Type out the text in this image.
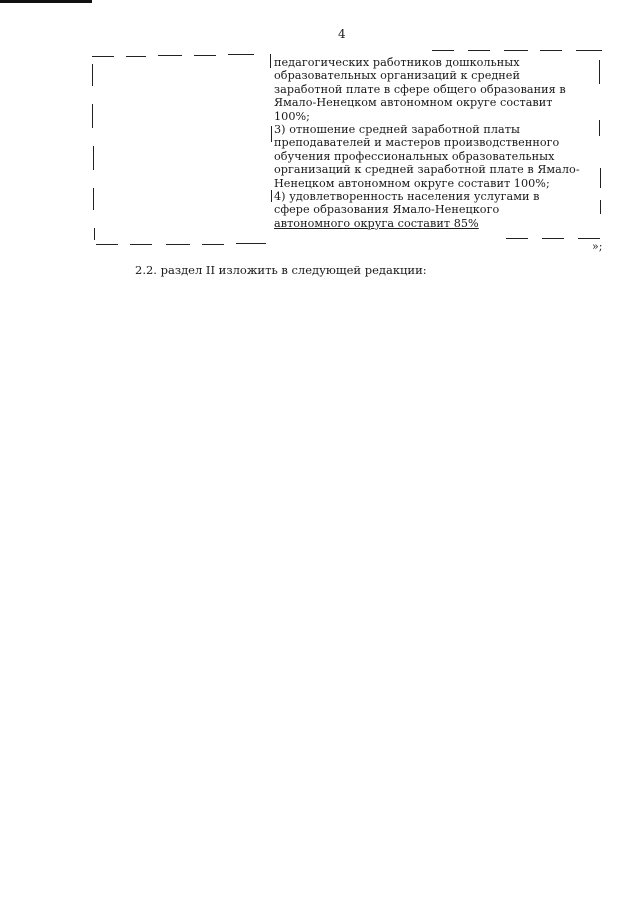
4
педагогических работников дошкольных
образовательных организаций к средней
заработной плате в сфере общего образования в
Ямало-Ненецком автономном округе составит
100%;
3) отношение средней заработной платы
преподавателей и мастеров производственного
обучения профессиональных образовательных
организаций к средней заработной плате в Ямало-
Ненецком автономном округе составит 100%;
4) удовлетворенность населения услугами в
сфере образования Ямало-Ненецкого
автономного округа составит 85%
»;
2.2. раздел II изложить в следующей редакции:
